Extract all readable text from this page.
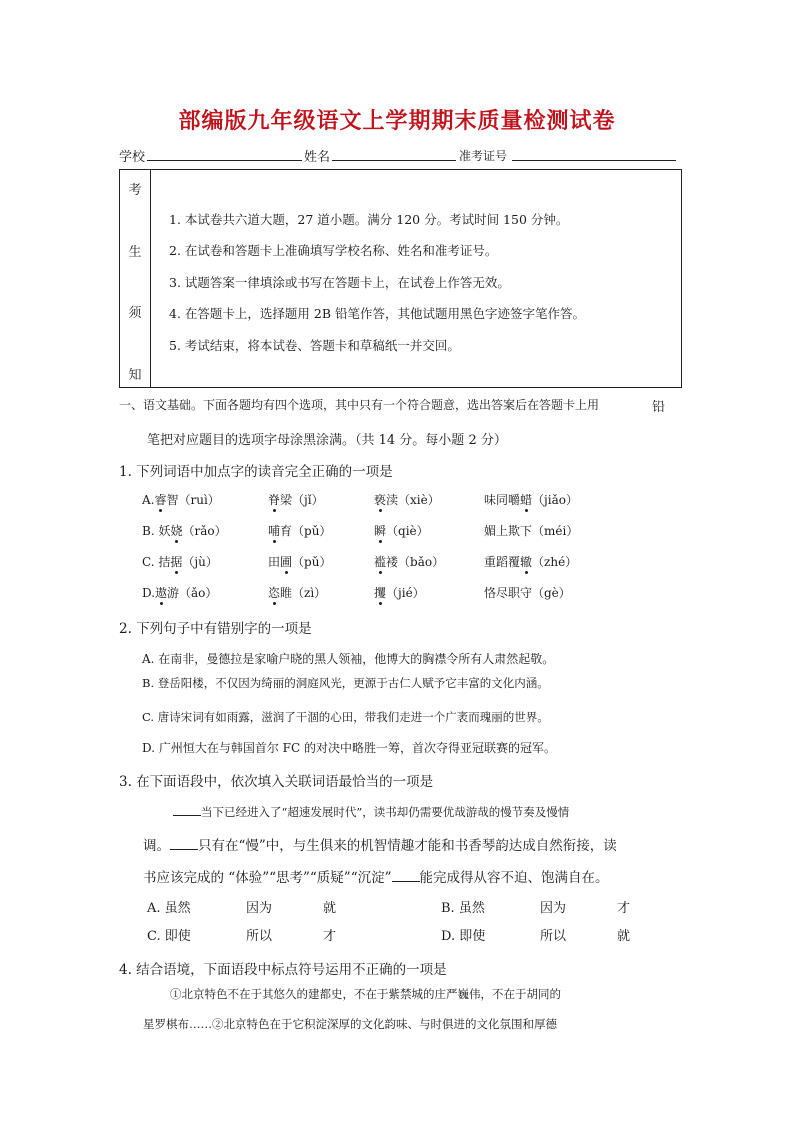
部编版九年级语文上学期期末质量检测试卷
学校	姓名	准考证号
考
生
须
知
1. 本试卷共六道大题，27 道小题。满分 120 分。考试时间 150 分钟。
2. 在试卷和答题卡上准确填写学校名称、姓名和准考证号。
3. 试题答案一律填涂或书写在答题卡上，在试卷上作答无效。
4. 在答题卡上，选择题用 2B 铅笔作答，其他试题用黑色字迹签字笔作答。
5. 考试结束，将本试卷、答题卡和草稿纸一并交回。
一、语文基础。下面各题均有四个选项，其中只有一个符合题意，选出答案后在答题卡上用	铅
笔把对应题目的选项字母涂黑涂满。（共 14 分。每小题 2 分）
1. 下列词语中加点字的读音完全正确的一项是
A.睿智（ruì）	脊梁（jǐ）	亵渎（xiè）	味同嚼蜡（jiǎo）
B. 妖娆（rǎo）	哺育（pǔ）	瞬（qiè）	媚上欺下（méi）
C. 拮据（jù）	田圃（pǔ）	褴褛（bǎo）	重蹈覆辙（zhé）
D.遨游（ǎo）	恣睢（zì）	攫（jié）	恪尽职守（gè）
2. 下列句子中有错别字的一项是
A. 在南非，曼德拉是家喻户晓的黑人领袖，他博大的胸襟令所有人肃然起敬。
B. 登岳阳楼，不仅因为绮丽的洞庭风光，更源于古仁人赋予它丰富的文化内涵。
C. 唐诗宋词有如雨露，滋润了干涸的心田，带我们走进一个广袤而瑰丽的世界。
D. 广州恒大在与韩国首尔 FC 的对决中略胜一筹，首次夺得亚冠联赛的冠军。
3. 在下面语段中，依次填入关联词语最恰当的一项是
当下已经进入了“超速发展时代”，读书却仍需要优哉游哉的慢节奏及慢情
调。 只有在“慢”中，与生俱来的机智情趣才能和书香琴韵达成自然衔接，读
书应该完成的 “体验”“思考”“质疑”“沉淀” 能完成得从容不迫、饱满自在。
A. 虽然	因为	就	B. 虽然	因为	才
C. 即使	所以	才	D. 即使	所以	就
4. 结合语境，下面语段中标点符号运用不正确的一项是
①北京特色不在于其悠久的建都史，不在于紫禁城的庄严巍伟，不在于胡同的
星罗棋布……②北京特色在于它积淀深厚的文化韵味、与时俱进的文化氛围和厚德
